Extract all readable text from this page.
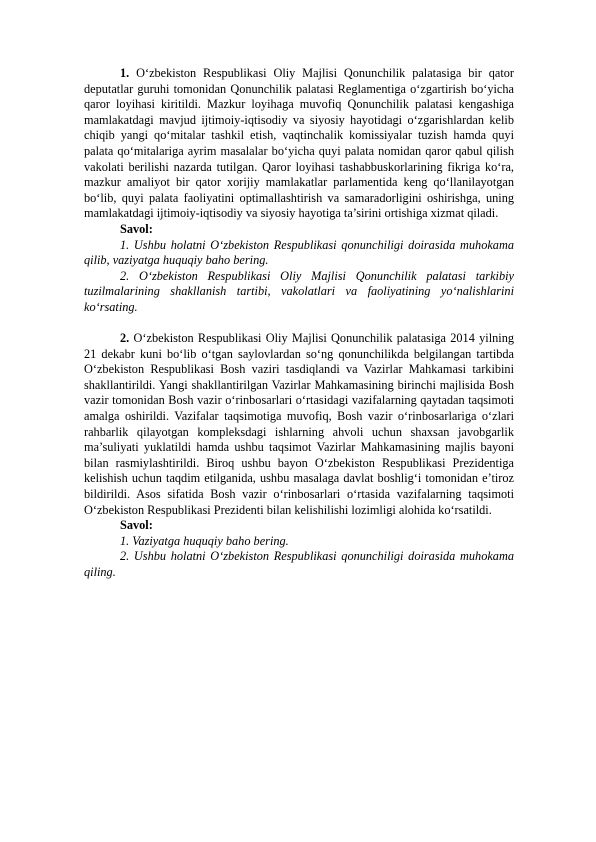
1. O‘zbekiston Respublikasi Oliy Majlisi Qonunchilik palatasiga bir qator deputatlar guruhi tomonidan Qonunchilik palatasi Reglamentiga o‘zgartirish bo‘yicha qaror loyihasi kiritildi. Mazkur loyihaga muvofiq Qonunchilik palatasi kengashiga mamlakatdagi mavjud ijtimoiy-iqtisodiy va siyosiy hayotidagi o‘zgarishlardan kelib chiqib yangi qo‘mitalar tashkil etish, vaqtinchalik komissiyalar tuzish hamda quyi palata qo‘mitalariga ayrim masalalar bo‘yicha quyi palata nomidan qaror qabul qilish vakolati berilishi nazarda tutilgan. Qaror loyihasi tashabbuskorlarining fikriga ko‘ra, mazkur amaliyot bir qator xorijiy mamlakatlar parlamentida keng qo‘llanilayotgan bo‘lib, quyi palata faoliyatini optimallashtirish va samaradorligini oshirishga, uning mamlakatdagi ijtimoiy-iqtisodiy va siyosiy hayotiga ta’sirini ortishiga xizmat qiladi.

Savol:

1. Ushbu holatni O‘zbekiston Respublikasi qonunchiligi doirasida muhokama qilib, vaziyatga huquqiy baho bering.

2. O‘zbekiston Respublikasi Oliy Majlisi Qonunchilik palatasi tarkibiy tuzilmalarining shakllanish tartibi, vakolatlari va faoliyatining yo‘nalishlarini ko‘rsating.

2. O‘zbekiston Respublikasi Oliy Majlisi Qonunchilik palatasiga 2014 yilning 21 dekabr kuni bo‘lib o‘tgan saylovlardan so‘ng qonunchilikda belgilangan tartibda O‘zbekiston Respublikasi Bosh vaziri tasdiqlandi va Vazirlar Mahkamasi tarkibini shakllantirildi. Yangi shakllantirilgan Vazirlar Mahkamasining birinchi majlisida Bosh vazir tomonidan Bosh vazir o‘rinbosarlari o‘rtasidagi vazifalarning qaytadan taqsimoti amalga oshirildi. Vazifalar taqsimotiga muvofiq, Bosh vazir o‘rinbosarlariga o‘zlari rahbarlik qilayotgan kompleksdagi ishlarning ahvoli uchun shaxsan javobgarlik ma’suliyati yuklatildi hamda ushbu taqsimot Vazirlar Mahkamasining majlis bayoni bilan rasmiylashtirildi. Biroq ushbu bayon O‘zbekiston Respublikasi Prezidentiga kelishish uchun taqdim etilganida, ushbu masalaga davlat boshlig‘i tomonidan e’tiroz bildirildi. Asos sifatida Bosh vazir o‘rinbosarlari o‘rtasida vazifalarning taqsimoti O‘zbekiston Respublikasi Prezidenti bilan kelishilishi lozimligi alohida ko‘rsatildi.

Savol:

1. Vaziyatga huquqiy baho bering.

2. Ushbu holatni O‘zbekiston Respublikasi qonunchiligi doirasida muhokama qiling.
